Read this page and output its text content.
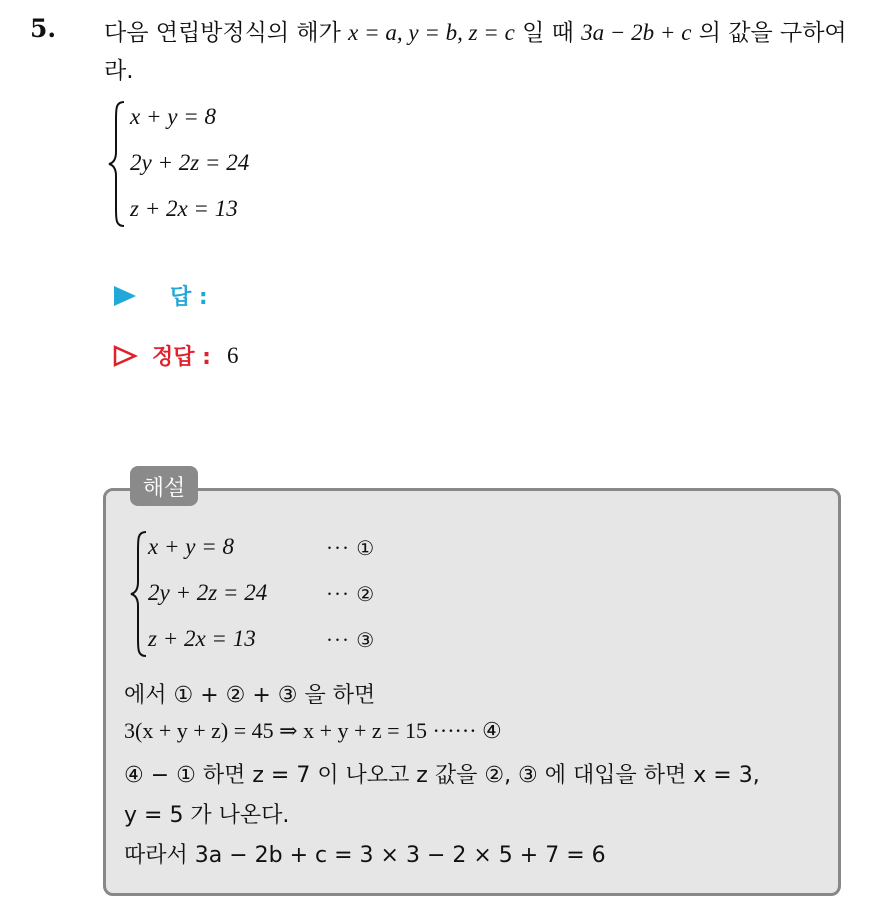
5. 다음 연립방정식의 해가 x = a, y = b, z = c 일 때 3a − 2b + c 의 값을 구하여라.
x + y = 8
2y + 2z = 24
z + 2x = 13
답 :
정답 : 6
해설
x + y = 8
2y + 2z = 24
z + 2x = 13
··· ①
··· ②
··· ③
에서 ① + ② + ③ 을 하면
3(x + y + z) = 45 ⇒ x + y + z = 15 ······ ④
④ − ① 하면 z = 7 이 나오고 z 값을 ②, ③ 에 대입을 하면 x = 3,
y = 5 가 나온다.
따라서 3a − 2b + c = 3 × 3 − 2 × 5 + 7 = 6
